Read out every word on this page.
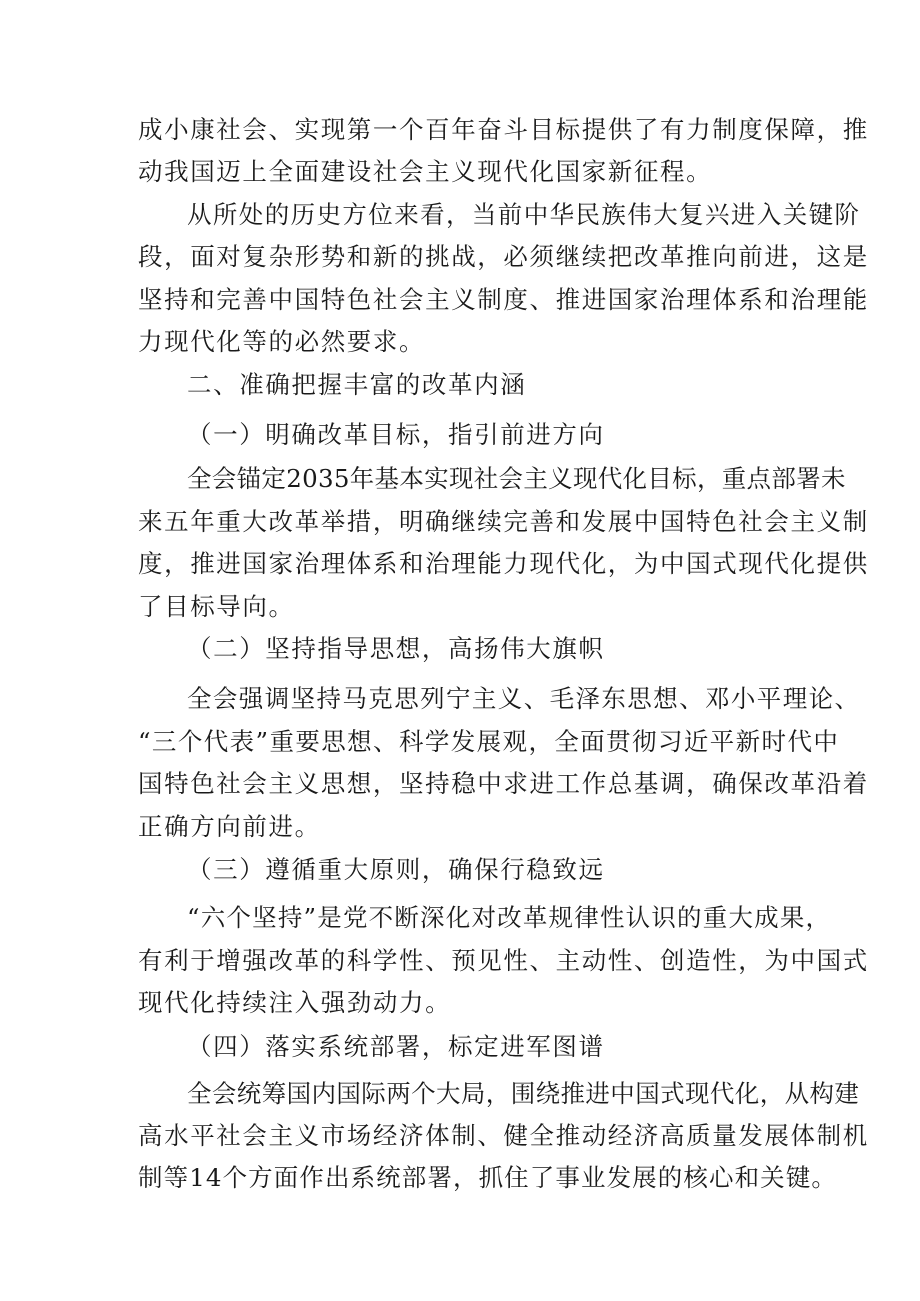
成小康社会、实现第一个百年奋斗目标提供了有力制度保障，推
动我国迈上全面建设社会主义现代化国家新征程。
从所处的历史方位来看，当前中华民族伟大复兴进入关键阶
段，面对复杂形势和新的挑战，必须继续把改革推向前进，这是
坚持和完善中国特色社会主义制度、推进国家治理体系和治理能
力现代化等的必然要求。
二、准确把握丰富的改革内涵
（一）明确改革目标，指引前进方向
全会锚定2035年基本实现社会主义现代化目标，重点部署未
来五年重大改革举措，明确继续完善和发展中国特色社会主义制
度，推进国家治理体系和治理能力现代化，为中国式现代化提供
了目标导向。
（二）坚持指导思想，高扬伟大旗帜
全会强调坚持马克思列宁主义、毛泽东思想、邓小平理论、
“三个代表”重要思想、科学发展观，全面贯彻习近平新时代中
国特色社会主义思想，坚持稳中求进工作总基调，确保改革沿着
正确方向前进。
（三）遵循重大原则，确保行稳致远
“六个坚持”是党不断深化对改革规律性认识的重大成果，
有利于增强改革的科学性、预见性、主动性、创造性，为中国式
现代化持续注入强劲动力。
（四）落实系统部署，标定进军图谱
全会统筹国内国际两个大局，围绕推进中国式现代化，从构建
高水平社会主义市场经济体制、健全推动经济高质量发展体制机
制等14个方面作出系统部署，抓住了事业发展的核心和关键。
